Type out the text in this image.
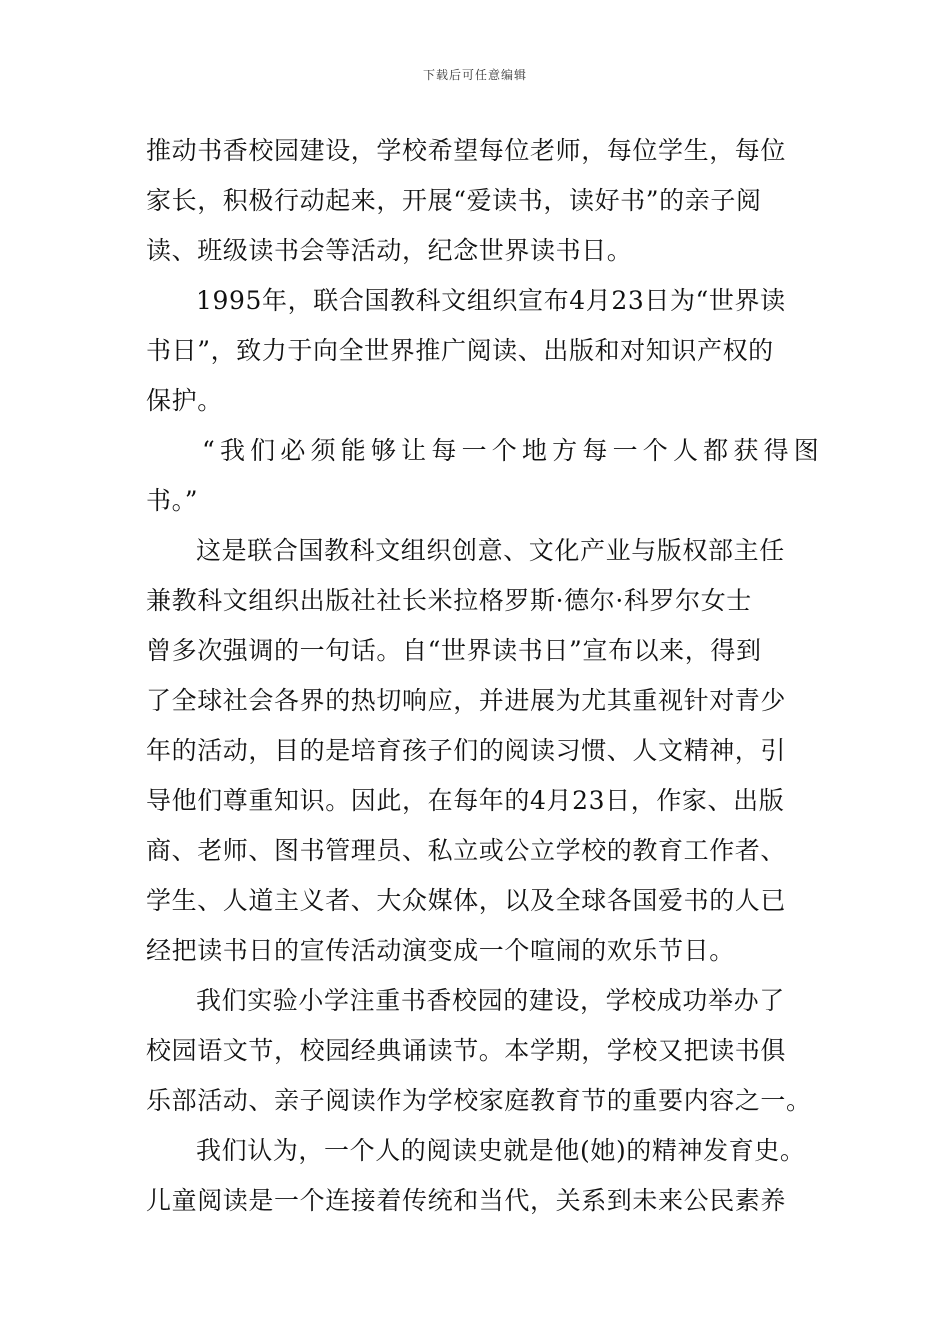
下载后可任意编辑
推动书香校园建设，学校希望每位老师，每位学生，每位
家长，积极行动起来，开展“爱读书，读好书”的亲子阅
读、班级读书会等活动，纪念世界读书日。
1995年，联合国教科文组织宣布4月23日为“世界读
书日”，致力于向全世界推广阅读、出版和对知识产权的
保护。
“我们必须能够让每一个地方每一个人都获得图
书。”
这是联合国教科文组织创意、文化产业与版权部主任
兼教科文组织出版社社长米拉格罗斯·德尔·科罗尔女士
曾多次强调的一句话。自“世界读书日”宣布以来，得到
了全球社会各界的热切响应，并进展为尤其重视针对青少
年的活动，目的是培育孩子们的阅读习惯、人文精神，引
导他们尊重知识。因此，在每年的4月23日，作家、出版
商、老师、图书管理员、私立或公立学校的教育工作者、
学生、人道主义者、大众媒体，以及全球各国爱书的人已
经把读书日的宣传活动演变成一个喧闹的欢乐节日。
我们实验小学注重书香校园的建设，学校成功举办了
校园语文节，校园经典诵读节。本学期，学校又把读书俱
乐部活动、亲子阅读作为学校家庭教育节的重要内容之一。
我们认为，一个人的阅读史就是他(她)的精神发育史。
儿童阅读是一个连接着传统和当代，关系到未来公民素养
